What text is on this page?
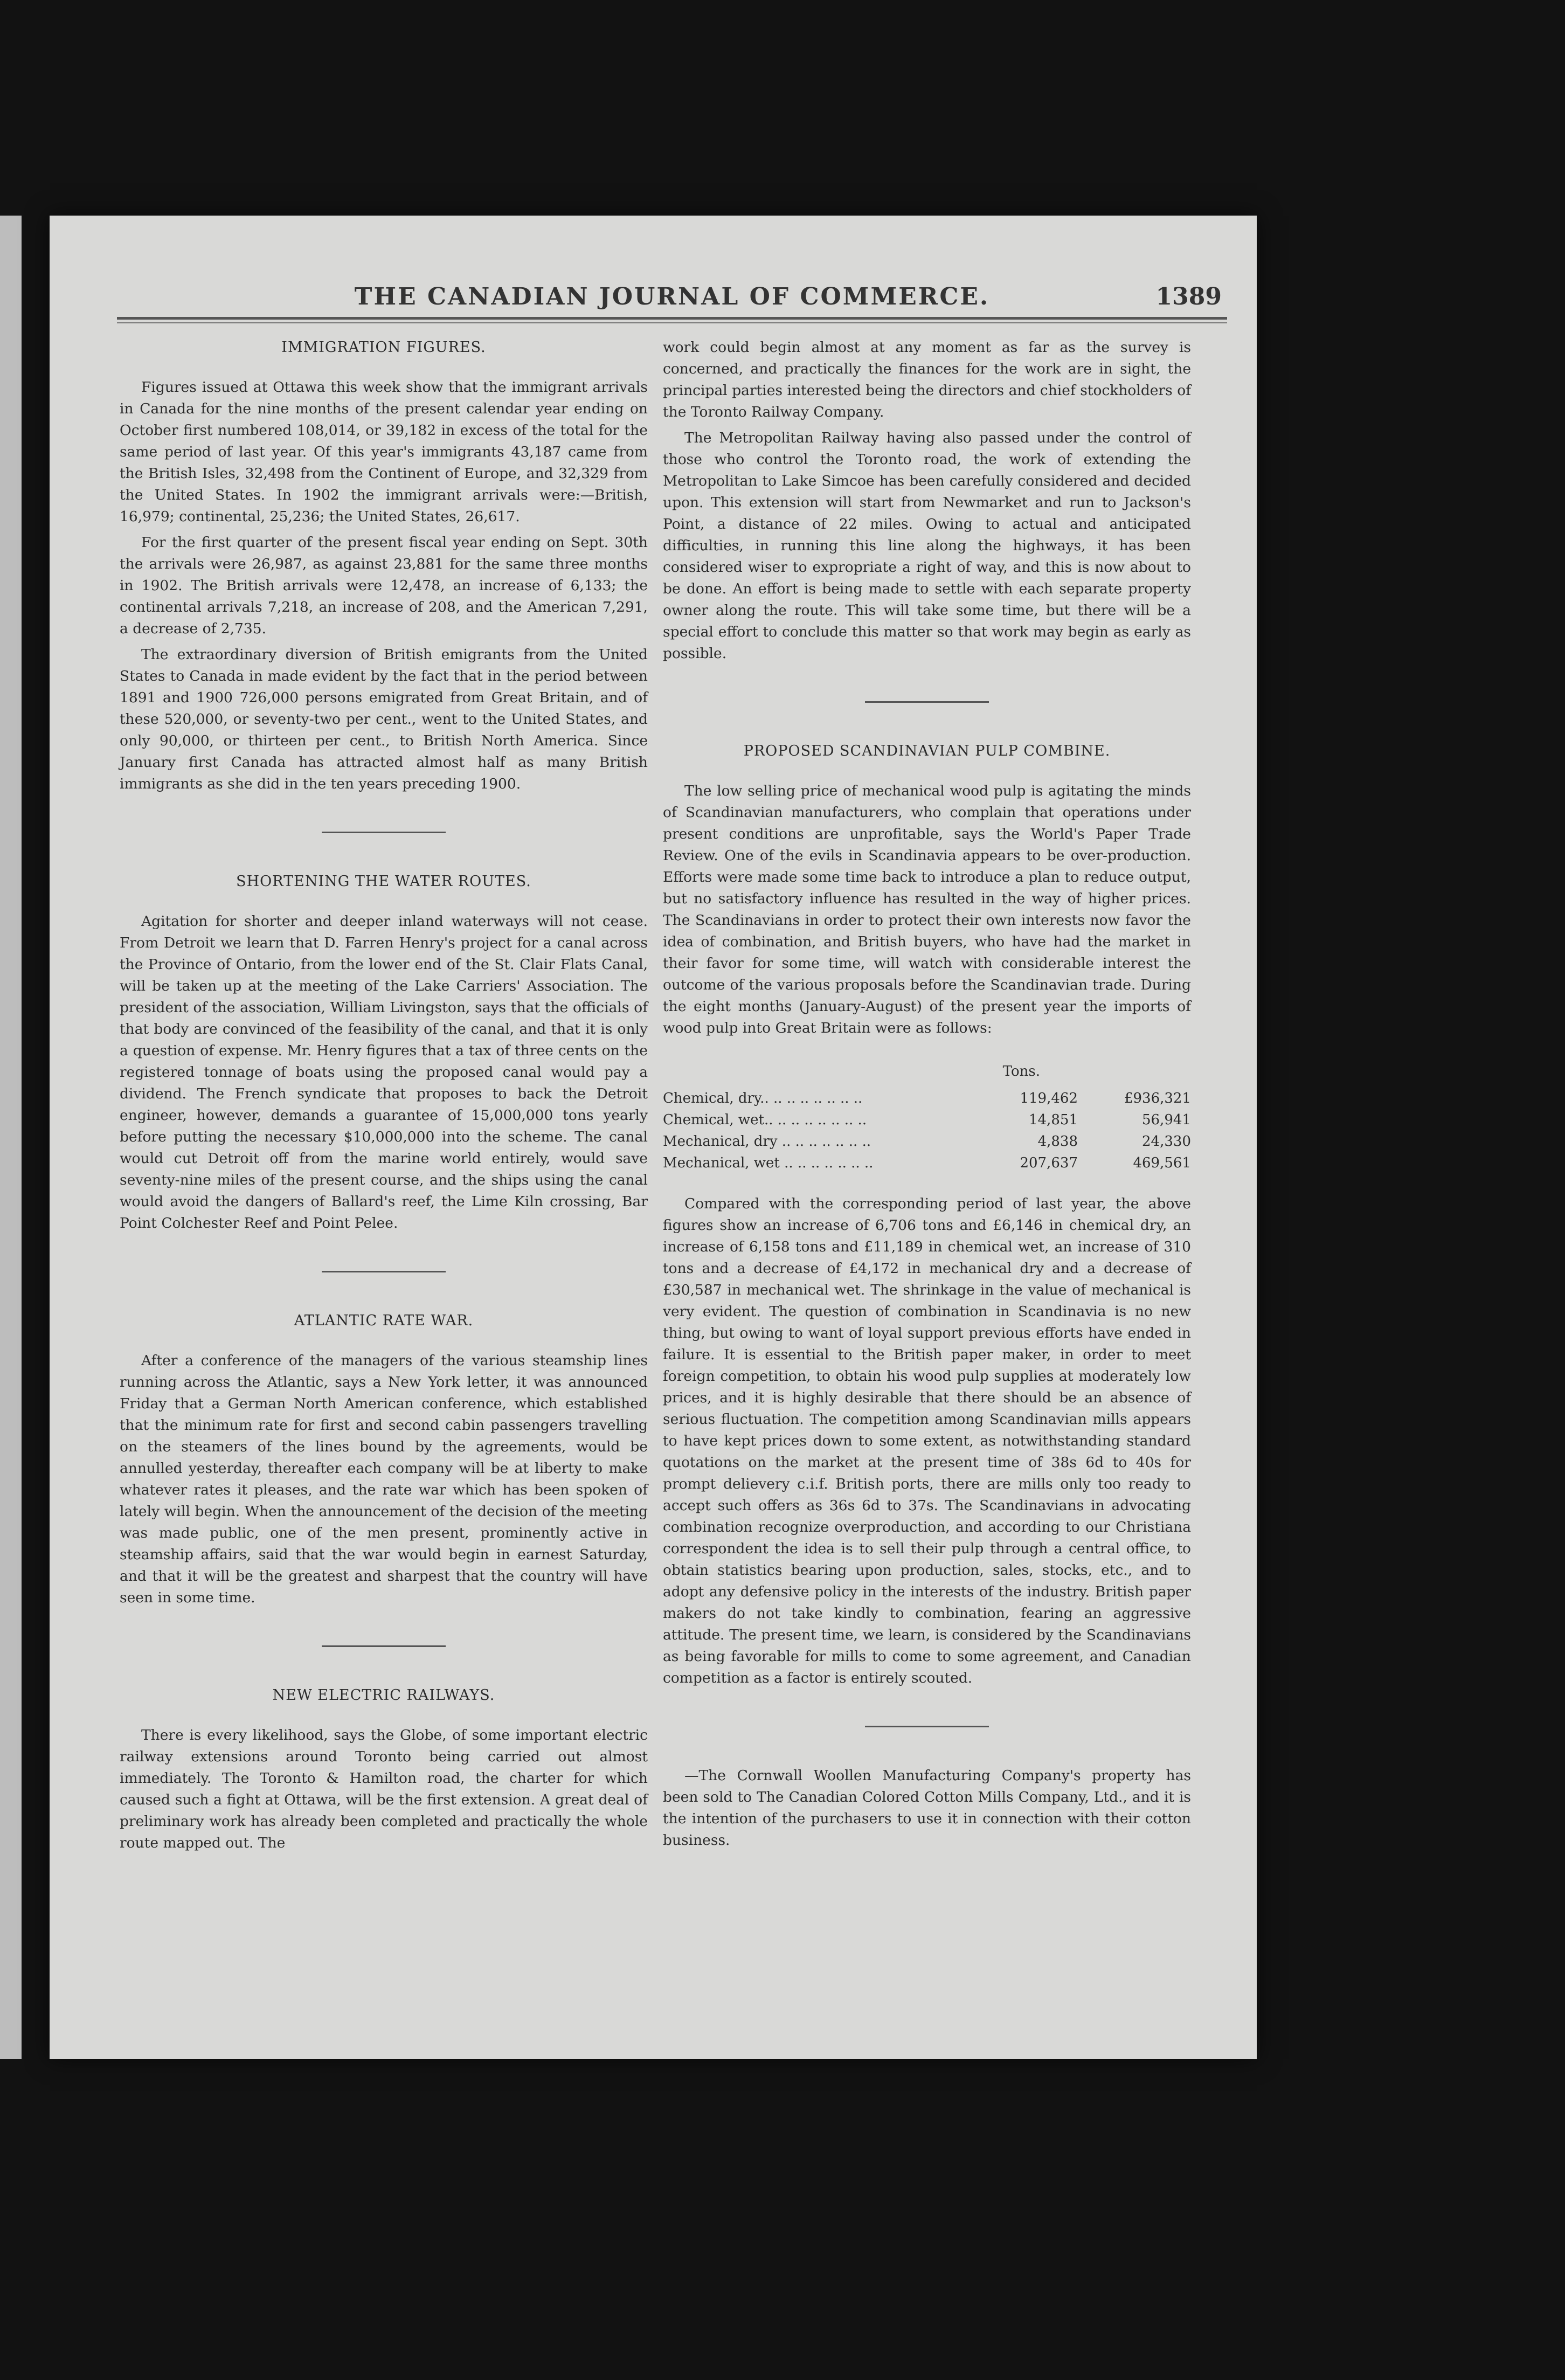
THE CANADIAN JOURNAL OF COMMERCE.	1389
IMMIGRATION FIGURES.

Figures issued at Ottawa this week show that the immigrant arrivals in Canada for the nine months of the present calendar year ending on October first numbered 108,014, or 39,182 in excess of the total for the same period of last year. Of this year's immigrants 43,187 came from the British Isles, 32,498 from the Continent of Europe, and 32,329 from the United States. In 1902 the immigrant arrivals were:—British, 16,979; continental, 25,236; the United States, 26,617.

For the first quarter of the present fiscal year ending on Sept. 30th the arrivals were 26,987, as against 23,881 for the same three months in 1902. The British arrivals were 12,478, an increase of 6,133; the continental arrivals 7,218, an increase of 208, and the American 7,291, a decrease of 2,735.

The extraordinary diversion of British emigrants from the United States to Canada in made evident by the fact that in the period between 1891 and 1900 726,000 persons emigrated from Great Britain, and of these 520,000, or seventy-two per cent., went to the United States, and only 90,000, or thirteen per cent., to British North America. Since January first Canada has attracted almost half as many British immigrants as she did in the ten years preceding 1900.

SHORTENING THE WATER ROUTES.

Agitation for shorter and deeper inland waterways will not cease. From Detroit we learn that D. Farren Henry's project for a canal across the Province of Ontario, from the lower end of the St. Clair Flats Canal, will be taken up at the meeting of the Lake Carriers' Association. The president of the association, William Livingston, says that the officials of that body are convinced of the feasibility of the canal, and that it is only a question of expense. Mr. Henry figures that a tax of three cents on the registered tonnage of boats using the proposed canal would pay a dividend. The French syndicate that proposes to back the Detroit engineer, however, demands a guarantee of 15,000,000 tons yearly before putting the necessary $10,000,000 into the scheme. The canal would cut Detroit off from the marine world entirely, would save seventy-nine miles of the present course, and the ships using the canal would avoid the dangers of Ballard's reef, the Lime Kiln crossing, Bar Point Colchester Reef and Point Pelee.

ATLANTIC RATE WAR.

After a conference of the managers of the various steamship lines running across the Atlantic, says a New York letter, it was announced Friday that a German North American conference, which established that the minimum rate for first and second cabin passengers travelling on the steamers of the lines bound by the agreements, would be annulled yesterday, thereafter each company will be at liberty to make whatever rates it pleases, and the rate war which has been spoken of lately will begin. When the announcement of the decision of the meeting was made public, one of the men present, prominently active in steamship affairs, said that the war would begin in earnest Saturday, and that it will be the greatest and sharpest that the country will have seen in some time.

NEW ELECTRIC RAILWAYS.

There is every likelihood, says the Globe, of some important electric railway extensions around Toronto being carried out almost immediately. The Toronto & Hamilton road, the charter for which caused such a fight at Ottawa, will be the first extension. A great deal of preliminary work has already been completed and practically the whole route mapped out. The

work could begin almost at any moment as far as the survey is concerned, and practically the finances for the work are in sight, the principal parties interested being the directors and chief stockholders of the Toronto Railway Company.

The Metropolitan Railway having also passed under the control of those who control the Toronto road, the work of extending the Metropolitan to Lake Simcoe has been carefully considered and decided upon. This extension will start from Newmarket and run to Jackson's Point, a distance of 22 miles. Owing to actual and anticipated difficulties, in running this line along the highways, it has been considered wiser to expropriate a right of way, and this is now about to be done. An effort is being made to settle with each separate property owner along the route. This will take some time, but there will be a special effort to conclude this matter so that work may begin as early as possible.

PROPOSED SCANDINAVIAN PULP COMBINE.

The low selling price of mechanical wood pulp is agitating the minds of Scandinavian manufacturers, who complain that operations under present conditions are unprofitable, says the World's Paper Trade Review. One of the evils in Scandinavia appears to be over-production. Efforts were made some time back to introduce a plan to reduce output, but no satisfactory influence has resulted in the way of higher prices. The Scandinavians in order to protect their own interests now favor the idea of combination, and British buyers, who have had the market in their favor for some time, will watch with considerable interest the outcome of the various proposals before the Scandinavian trade. During the eight months (January-August) of the present year the imports of wood pulp into Great Britain were as follows:

Tons.
Chemical, dry.. .. .. .. .. .. .. ..	119,462	£936,321
Chemical, wet.. .. .. .. .. .. .. ..	14,851	56,941
Mechanical, dry .. .. .. .. .. .. ..	4,838	24,330
Mechanical, wet .. .. .. .. .. .. ..	207,637	469,561

Compared with the corresponding period of last year, the above figures show an increase of 6,706 tons and £6,146 in chemical dry, an increase of 6,158 tons and £11,189 in chemical wet, an increase of 310 tons and a decrease of £4,172 in mechanical dry and a decrease of £30,587 in mechanical wet. The shrinkage in the value of mechanical is very evident. The question of combination in Scandinavia is no new thing, but owing to want of loyal support previous efforts have ended in failure. It is essential to the British paper maker, in order to meet foreign competition, to obtain his wood pulp supplies at moderately low prices, and it is highly desirable that there should be an absence of serious fluctuation. The competition among Scandinavian mills appears to have kept prices down to some extent, as notwithstanding standard quotations on the market at the present time of 38s 6d to 40s for prompt delievery c.i.f. British ports, there are mills only too ready to accept such offers as 36s 6d to 37s. The Scandinavians in advocating combination recognize overproduction, and according to our Christiana correspondent the idea is to sell their pulp through a central office, to obtain statistics bearing upon production, sales, stocks, etc., and to adopt any defensive policy in the interests of the industry. British paper makers do not take kindly to combination, fearing an aggressive attitude. The present time, we learn, is considered by the Scandinavians as being favorable for mills to come to some agreement, and Canadian competition as a factor is entirely scouted.

—The Cornwall Woollen Manufacturing Company's property has been sold to The Canadian Colored Cotton Mills Company, Ltd., and it is the intention of the purchasers to use it in connection with their cotton business.
